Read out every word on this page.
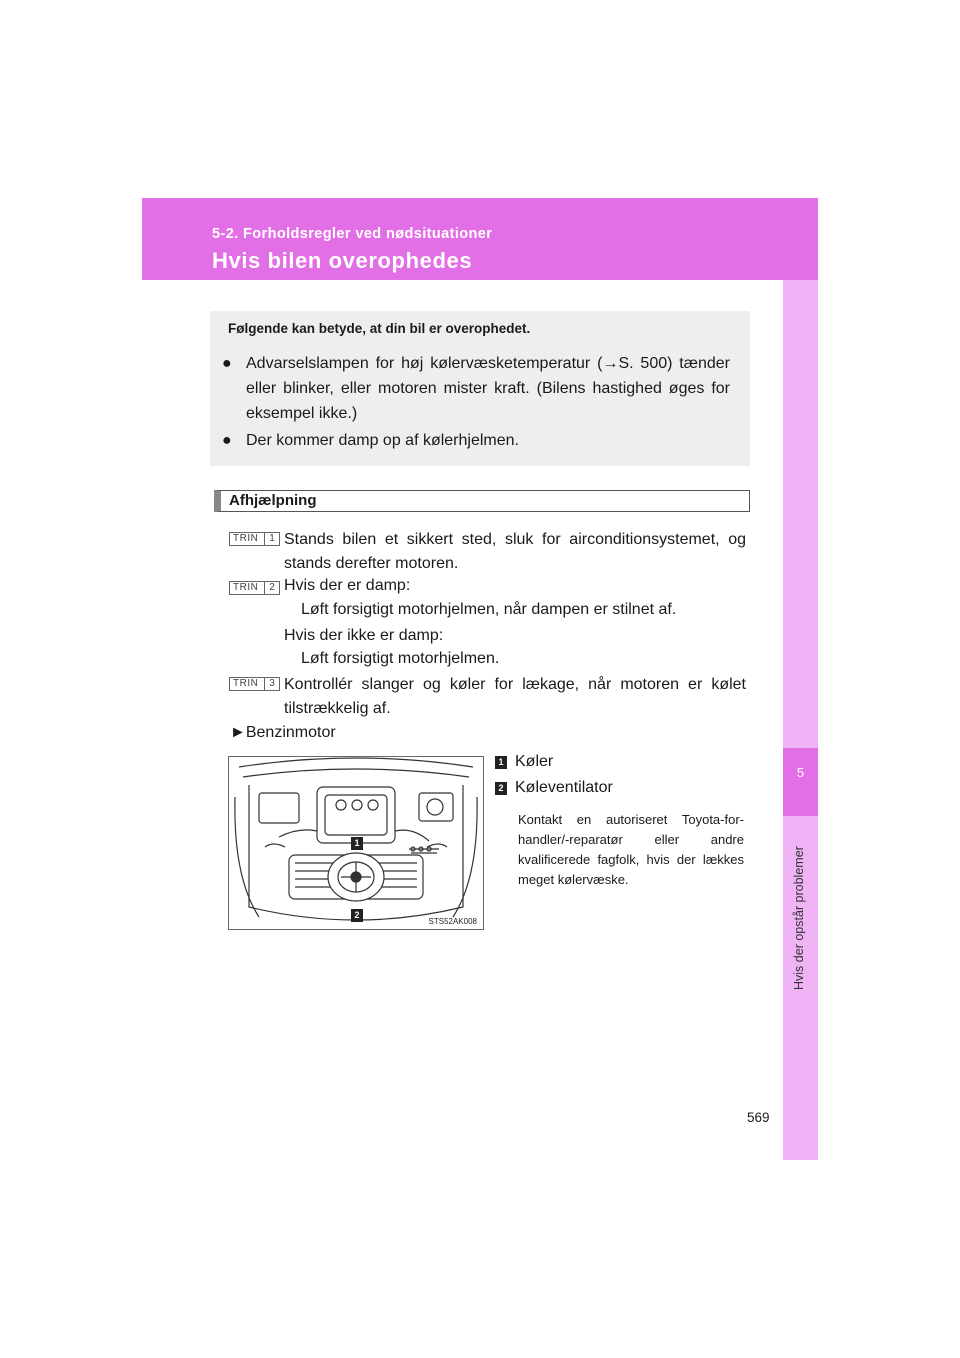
5-2. Forholdsregler ved nødsituationer
Hvis bilen overophedes
5
Hvis der opstår problemer
Følgende kan betyde, at din bil er overophedet.
● Advarselslampen for høj kølervæsketemperatur (→S. 500) tænder eller blinker, eller motoren mister kraft. (Bilens hastighed øges for eksempel ikke.)
● Der kommer damp op af kølerhjelmen.
Afhjælpning
TRIN	1 Stands bilen et sikkert sted, sluk for airconditionsystemet, og stands derefter motoren.
TRIN	2 Hvis der er damp:
Løft forsigtigt motorhjelmen, når dampen er stilnet af.
Hvis der ikke er damp:
Løft forsigtigt motorhjelmen.
TRIN	3 Kontrollér slanger og køler for lækage, når motoren er kølet tilstrækkelig af.
►Benzinmotor
1
2
STS52AK008
1 Køler
2 Køleventilator
Kontakt en autoriseret Toyota-for-handler/-reparatør eller andre kvalificerede fagfolk, hvis der lækkes meget kølervæske.
569
